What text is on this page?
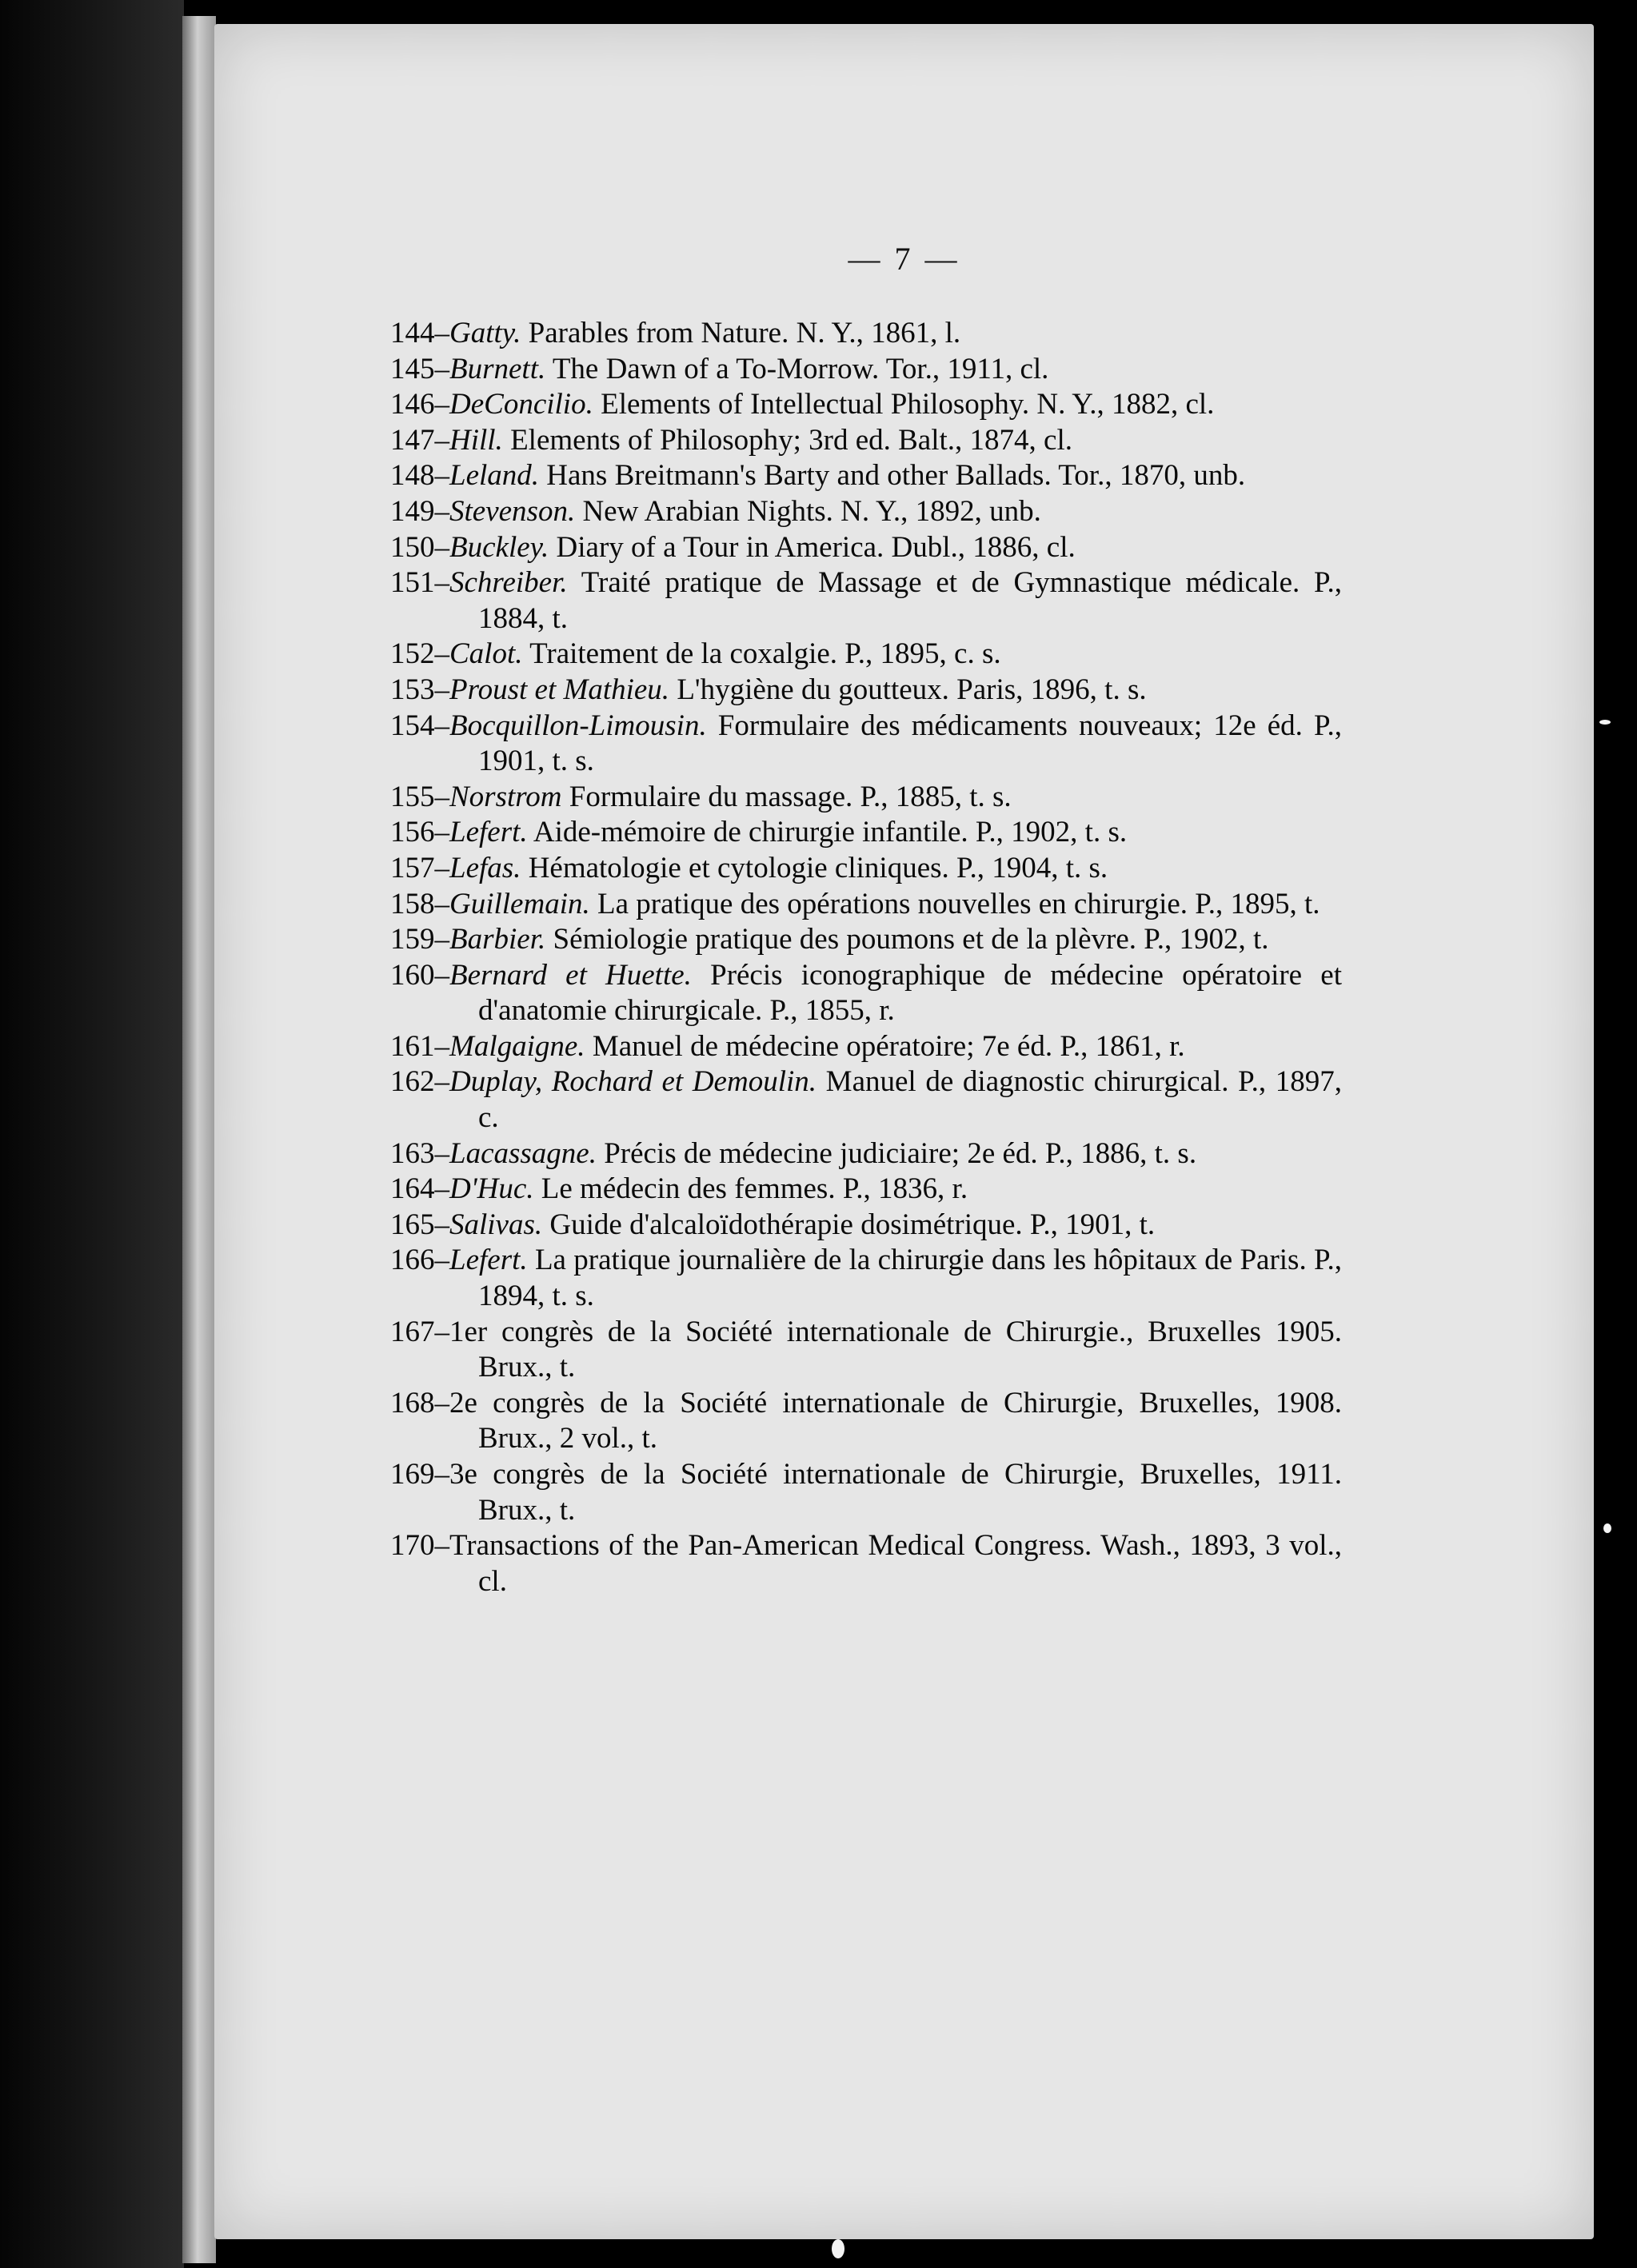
— 7 —
144–Gatty. Parables from Nature. N. Y., 1861, l.
145–Burnett. The Dawn of a To-Morrow. Tor., 1911, cl.
146–DeConcilio. Elements of Intellectual Philosophy. N. Y., 1882, cl.
147–Hill. Elements of Philosophy; 3rd ed. Balt., 1874, cl.
148–Leland. Hans Breitmann's Barty and other Ballads. Tor., 1870, unb.
149–Stevenson. New Arabian Nights. N. Y., 1892, unb.
150–Buckley. Diary of a Tour in America. Dubl., 1886, cl.
151–Schreiber. Traité pratique de Massage et de Gymnastique médicale. P., 1884, t.
152–Calot. Traitement de la coxalgie. P., 1895, c. s.
153–Proust et Mathieu. L'hygiène du goutteux. Paris, 1896, t. s.
154–Bocquillon-Limousin. Formulaire des médicaments nouveaux; 12e éd. P., 1901, t. s.
155–Norstrom Formulaire du massage. P., 1885, t. s.
156–Lefert. Aide-mémoire de chirurgie infantile. P., 1902, t. s.
157–Lefas. Hématologie et cytologie cliniques. P., 1904, t. s.
158–Guillemain. La pratique des opérations nouvelles en chirurgie. P., 1895, t.
159–Barbier. Sémiologie pratique des poumons et de la plèvre. P., 1902, t.
160–Bernard et Huette. Précis iconographique de médecine opératoire et d'anatomie chirurgicale. P., 1855, r.
161–Malgaigne. Manuel de médecine opératoire; 7e éd. P., 1861, r.
162–Duplay, Rochard et Demoulin. Manuel de diagnostic chirurgical. P., 1897, c.
163–Lacassagne. Précis de médecine judiciaire; 2e éd. P., 1886, t. s.
164–D'Huc. Le médecin des femmes. P., 1836, r.
165–Salivas. Guide d'alcaloïdothérapie dosimétrique. P., 1901, t.
166–Lefert. La pratique journalière de la chirurgie dans les hôpitaux de Paris. P., 1894, t. s.
167–1er congrès de la Société internationale de Chirurgie., Bruxelles 1905. Brux., t.
168–2e congrès de la Société internationale de Chirurgie, Bruxelles, 1908. Brux., 2 vol., t.
169–3e congrès de la Société internationale de Chirurgie, Bruxelles, 1911. Brux., t.
170–Transactions of the Pan-American Medical Congress. Wash., 1893, 3 vol., cl.
